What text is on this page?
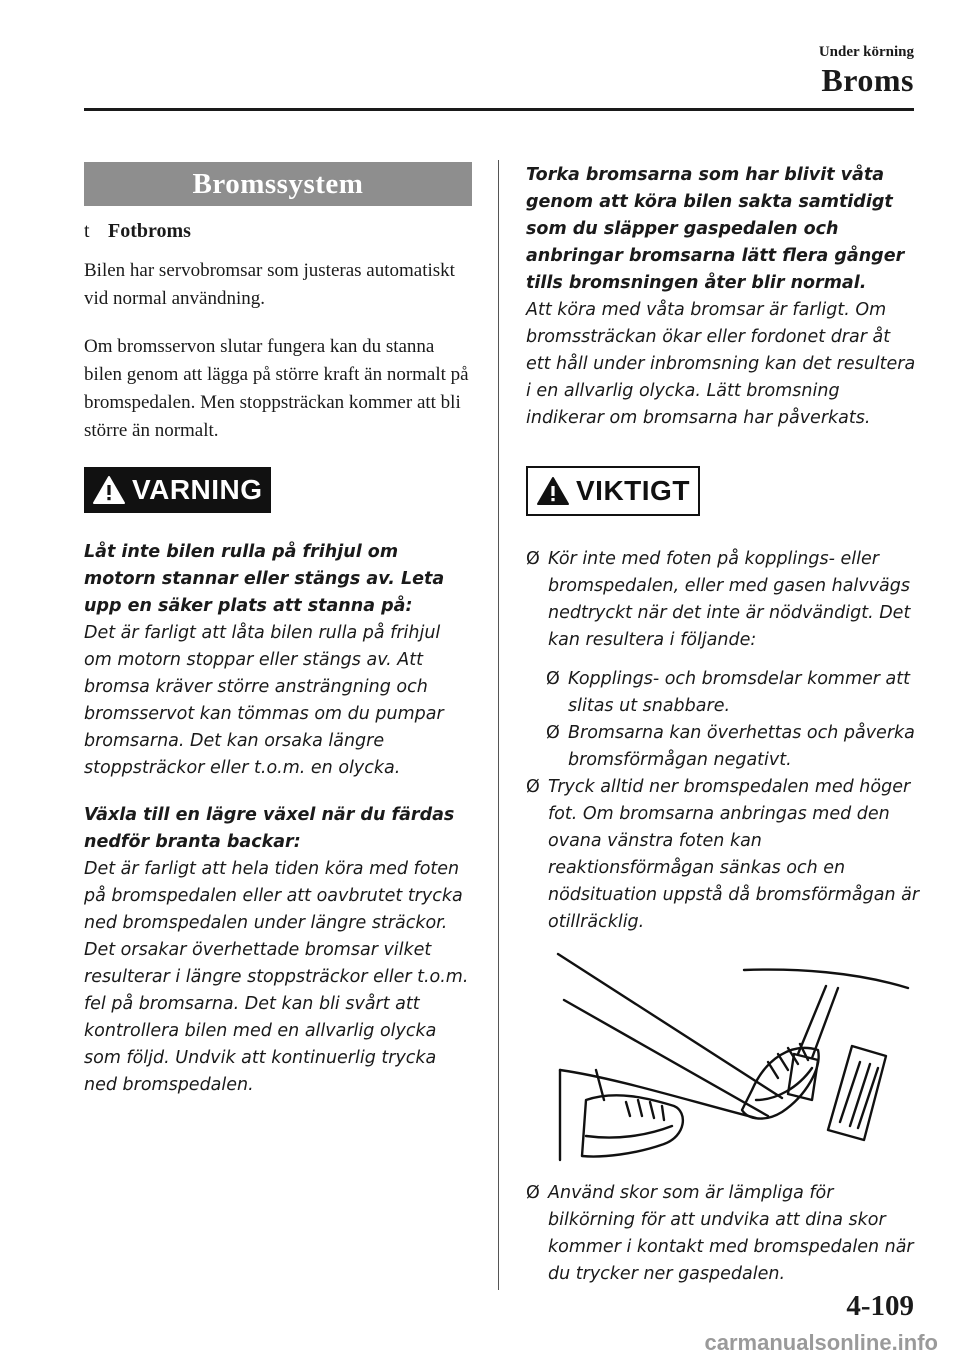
Under körning
Broms
Bromssystem
t Fotbroms

Bilen har servobromsar som justeras automatiskt vid normal användning.

Om bromsservon slutar fungera kan du stanna bilen genom att lägga på större kraft än normalt på bromspedalen. Men stoppsträckan kommer att bli större än normalt.

VARNING
Låt inte bilen rulla på frihjul om motorn stannar eller stängs av. Leta upp en säker plats att stanna på:
Det är farligt att låta bilen rulla på frihjul om motorn stoppar eller stängs av. Att bromsa kräver större ansträngning och bromsservot kan tömmas om du pumpar bromsarna. Det kan orsaka längre stoppsträckor eller t.o.m. en olycka.
Växla till en lägre växel när du färdas nedför branta backar:
Det är farligt att hela tiden köra med foten på bromspedalen eller att oavbrutet trycka ned bromspedalen under längre sträckor. Det orsakar överhettade bromsar vilket resulterar i längre stoppsträckor eller t.o.m. fel på bromsarna. Det kan bli svårt att kontrollera bilen med en allvarlig olycka som följd. Undvik att kontinuerlig trycka ned bromspedalen.
Torka bromsarna som har blivit våta genom att köra bilen sakta samtidigt som du släpper gaspedalen och anbringar bromsarna lätt flera gånger tills bromsningen åter blir normal.
Att köra med våta bromsar är farligt. Om bromssträckan ökar eller fordonet drar åt ett håll under inbromsning kan det resultera i en allvarlig olycka. Lätt bromsning indikerar om bromsarna har påverkats.
VIKTIGT
Ø Kör inte med foten på kopplings- eller bromspedalen, eller med gasen halvvägs nedtryckt när det inte är nödvändigt. Det kan resultera i följande:
Ø Kopplings- och bromsdelar kommer att slitas ut snabbare.
Ø Bromsarna kan överhettas och påverka bromsförmågan negativt.
Ø Tryck alltid ner bromspedalen med höger fot. Om bromsarna anbringas med den ovana vänstra foten kan reaktionsförmågan sänkas och en nödsituation uppstå då bromsförmågan är otillräcklig.
Ø Använd skor som är lämpliga för bilkörning för att undvika att dina skor kommer i kontakt med bromspedalen när du trycker ner gaspedalen.
4-109
carmanualsonline.info
